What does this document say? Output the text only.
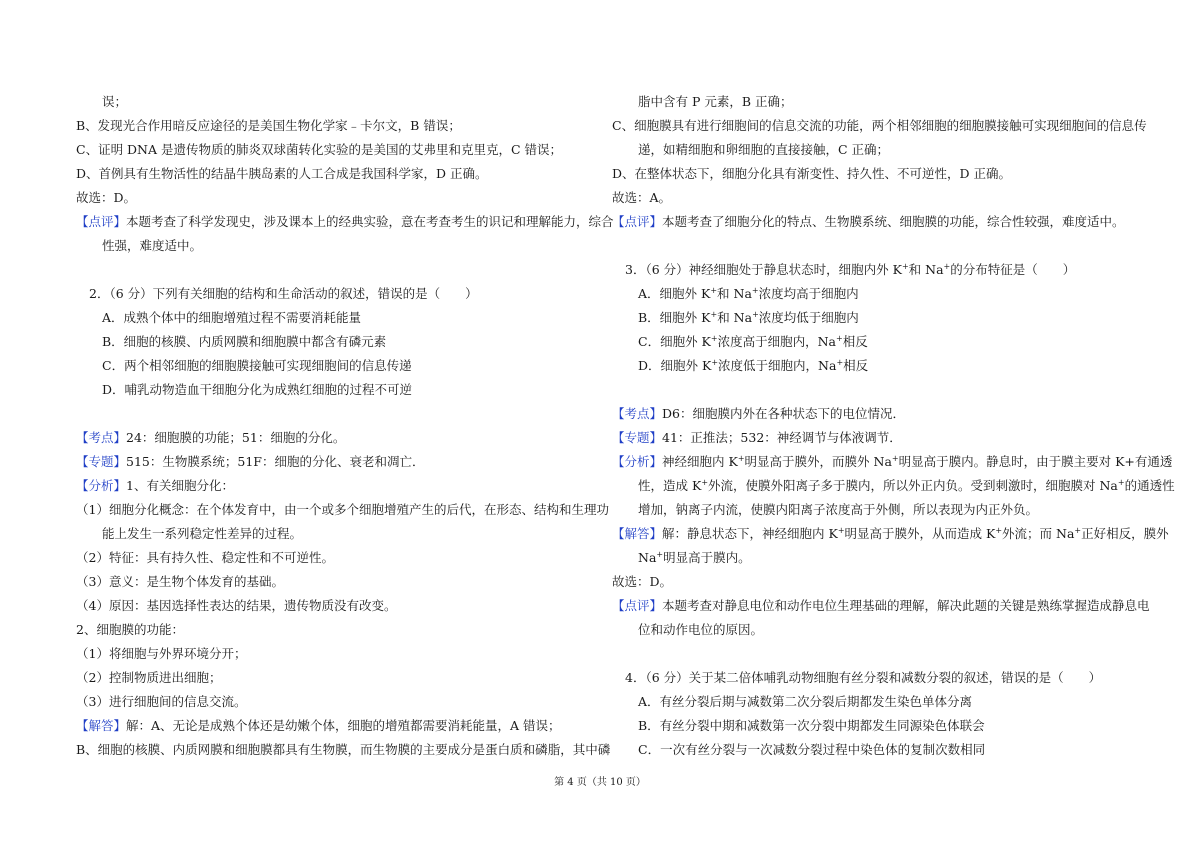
误；
B、发现光合作用暗反应途径的是美国生物化学家﹣卡尔文，B 错误；
C、证明 DNA 是遗传物质的肺炎双球菌转化实验的是美国的艾弗里和克里克，C 错误；
D、首例具有生物活性的结晶牛胰岛素的人工合成是我国科学家，D 正确。
故选：D。
【点评】本题考查了科学发现史，涉及课本上的经典实验，意在考查考生的识记和理解能力，综合
性强，难度适中。
2．（6 分）下列有关细胞的结构和生命活动的叙述，错误的是（　　）
A．成熟个体中的细胞增殖过程不需要消耗能量
B．细胞的核膜、内质网膜和细胞膜中都含有磷元素
C．两个相邻细胞的细胞膜接触可实现细胞间的信息传递
D．哺乳动物造血干细胞分化为成熟红细胞的过程不可逆
【考点】24：细胞膜的功能；51：细胞的分化。
【专题】515：生物膜系统；51F：细胞的分化、衰老和凋亡．
【分析】1、有关细胞分化：
（1）细胞分化概念：在个体发育中，由一个或多个细胞增殖产生的后代，在形态、结构和生理功
能上发生一系列稳定性差异的过程。
（2）特征：具有持久性、稳定性和不可逆性。
（3）意义：是生物个体发育的基础。
（4）原因：基因选择性表达的结果，遗传物质没有改变。
2、细胞膜的功能：
（1）将细胞与外界环境分开；
（2）控制物质进出细胞；
（3）进行细胞间的信息交流。
【解答】解：A、无论是成熟个体还是幼嫩个体，细胞的增殖都需要消耗能量，A 错误；
B、细胞的核膜、内质网膜和细胞膜都具有生物膜，而生物膜的主要成分是蛋白质和磷脂，其中磷
脂中含有 P 元素，B 正确；
C、细胞膜具有进行细胞间的信息交流的功能，两个相邻细胞的细胞膜接触可实现细胞间的信息传
递，如精细胞和卵细胞的直接接触，C 正确；
D、在整体状态下，细胞分化具有渐变性、持久性、不可逆性，D 正确。
故选：A。
【点评】本题考查了细胞分化的特点、生物膜系统、细胞膜的功能，综合性较强，难度适中。
3．（6 分）神经细胞处于静息状态时，细胞内外 K+和 Na+的分布特征是（　　）
A．细胞外 K+和 Na+浓度均高于细胞内
B．细胞外 K+和 Na+浓度均低于细胞内
C．细胞外 K+浓度高于细胞内，Na+相反
D．细胞外 K+浓度低于细胞内，Na+相反
【考点】D6：细胞膜内外在各种状态下的电位情况．
【专题】41：正推法；532：神经调节与体液调节．
【分析】神经细胞内 K+明显高于膜外，而膜外 Na+明显高于膜内。静息时，由于膜主要对 K+有通透
性，造成 K+外流，使膜外阳离子多于膜内，所以外正内负。受到刺激时，细胞膜对 Na+的通透性
增加，钠离子内流，使膜内阳离子浓度高于外侧，所以表现为内正外负。
【解答】解：静息状态下，神经细胞内 K+明显高于膜外，从而造成 K+外流；而 Na+正好相反，膜外
Na+明显高于膜内。
故选：D。
【点评】本题考查对静息电位和动作电位生理基础的理解，解决此题的关键是熟练掌握造成静息电
位和动作电位的原因。
4．（6 分）关于某二倍体哺乳动物细胞有丝分裂和减数分裂的叙述，错误的是（　　）
A．有丝分裂后期与减数第二次分裂后期都发生染色单体分离
B．有丝分裂中期和减数第一次分裂中期都发生同源染色体联会
C．一次有丝分裂与一次减数分裂过程中染色体的复制次数相同
第 4 页（共 10 页）
